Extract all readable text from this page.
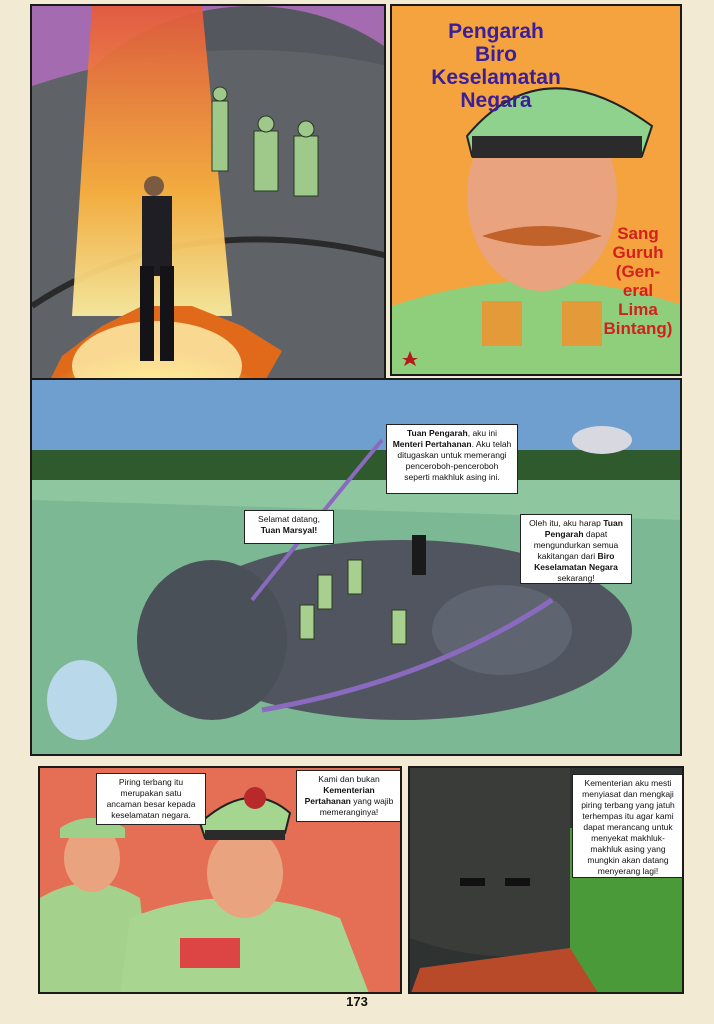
Pengarah
Biro
Keselamatan
Negara
Sang
Guruh
(Gen-
eral
Lima
Bintang)
Selamat datang,
Tuan Marsyal!
Tuan Pengarah, aku ini Menteri Pertahanan. Aku telah ditugaskan untuk memerangi penceroboh-penceroboh seperti makhluk asing ini.
Oleh itu, aku harap Tuan Pengarah dapat mengundurkan semua kakitangan dari Biro Keselamatan Negara sekarang!
Piring terbang itu merupakan satu ancaman besar kepada keselamatan negara.
Kami dan bukan Kementerian Pertahanan yang wajib memeranginya!
Kementerian aku mesti menyiasat dan mengkaji piring terbang yang jatuh terhempas itu agar kami dapat merancang untuk menyekat makhluk-makhluk asing yang mungkin akan datang menyerang lagi!
173
